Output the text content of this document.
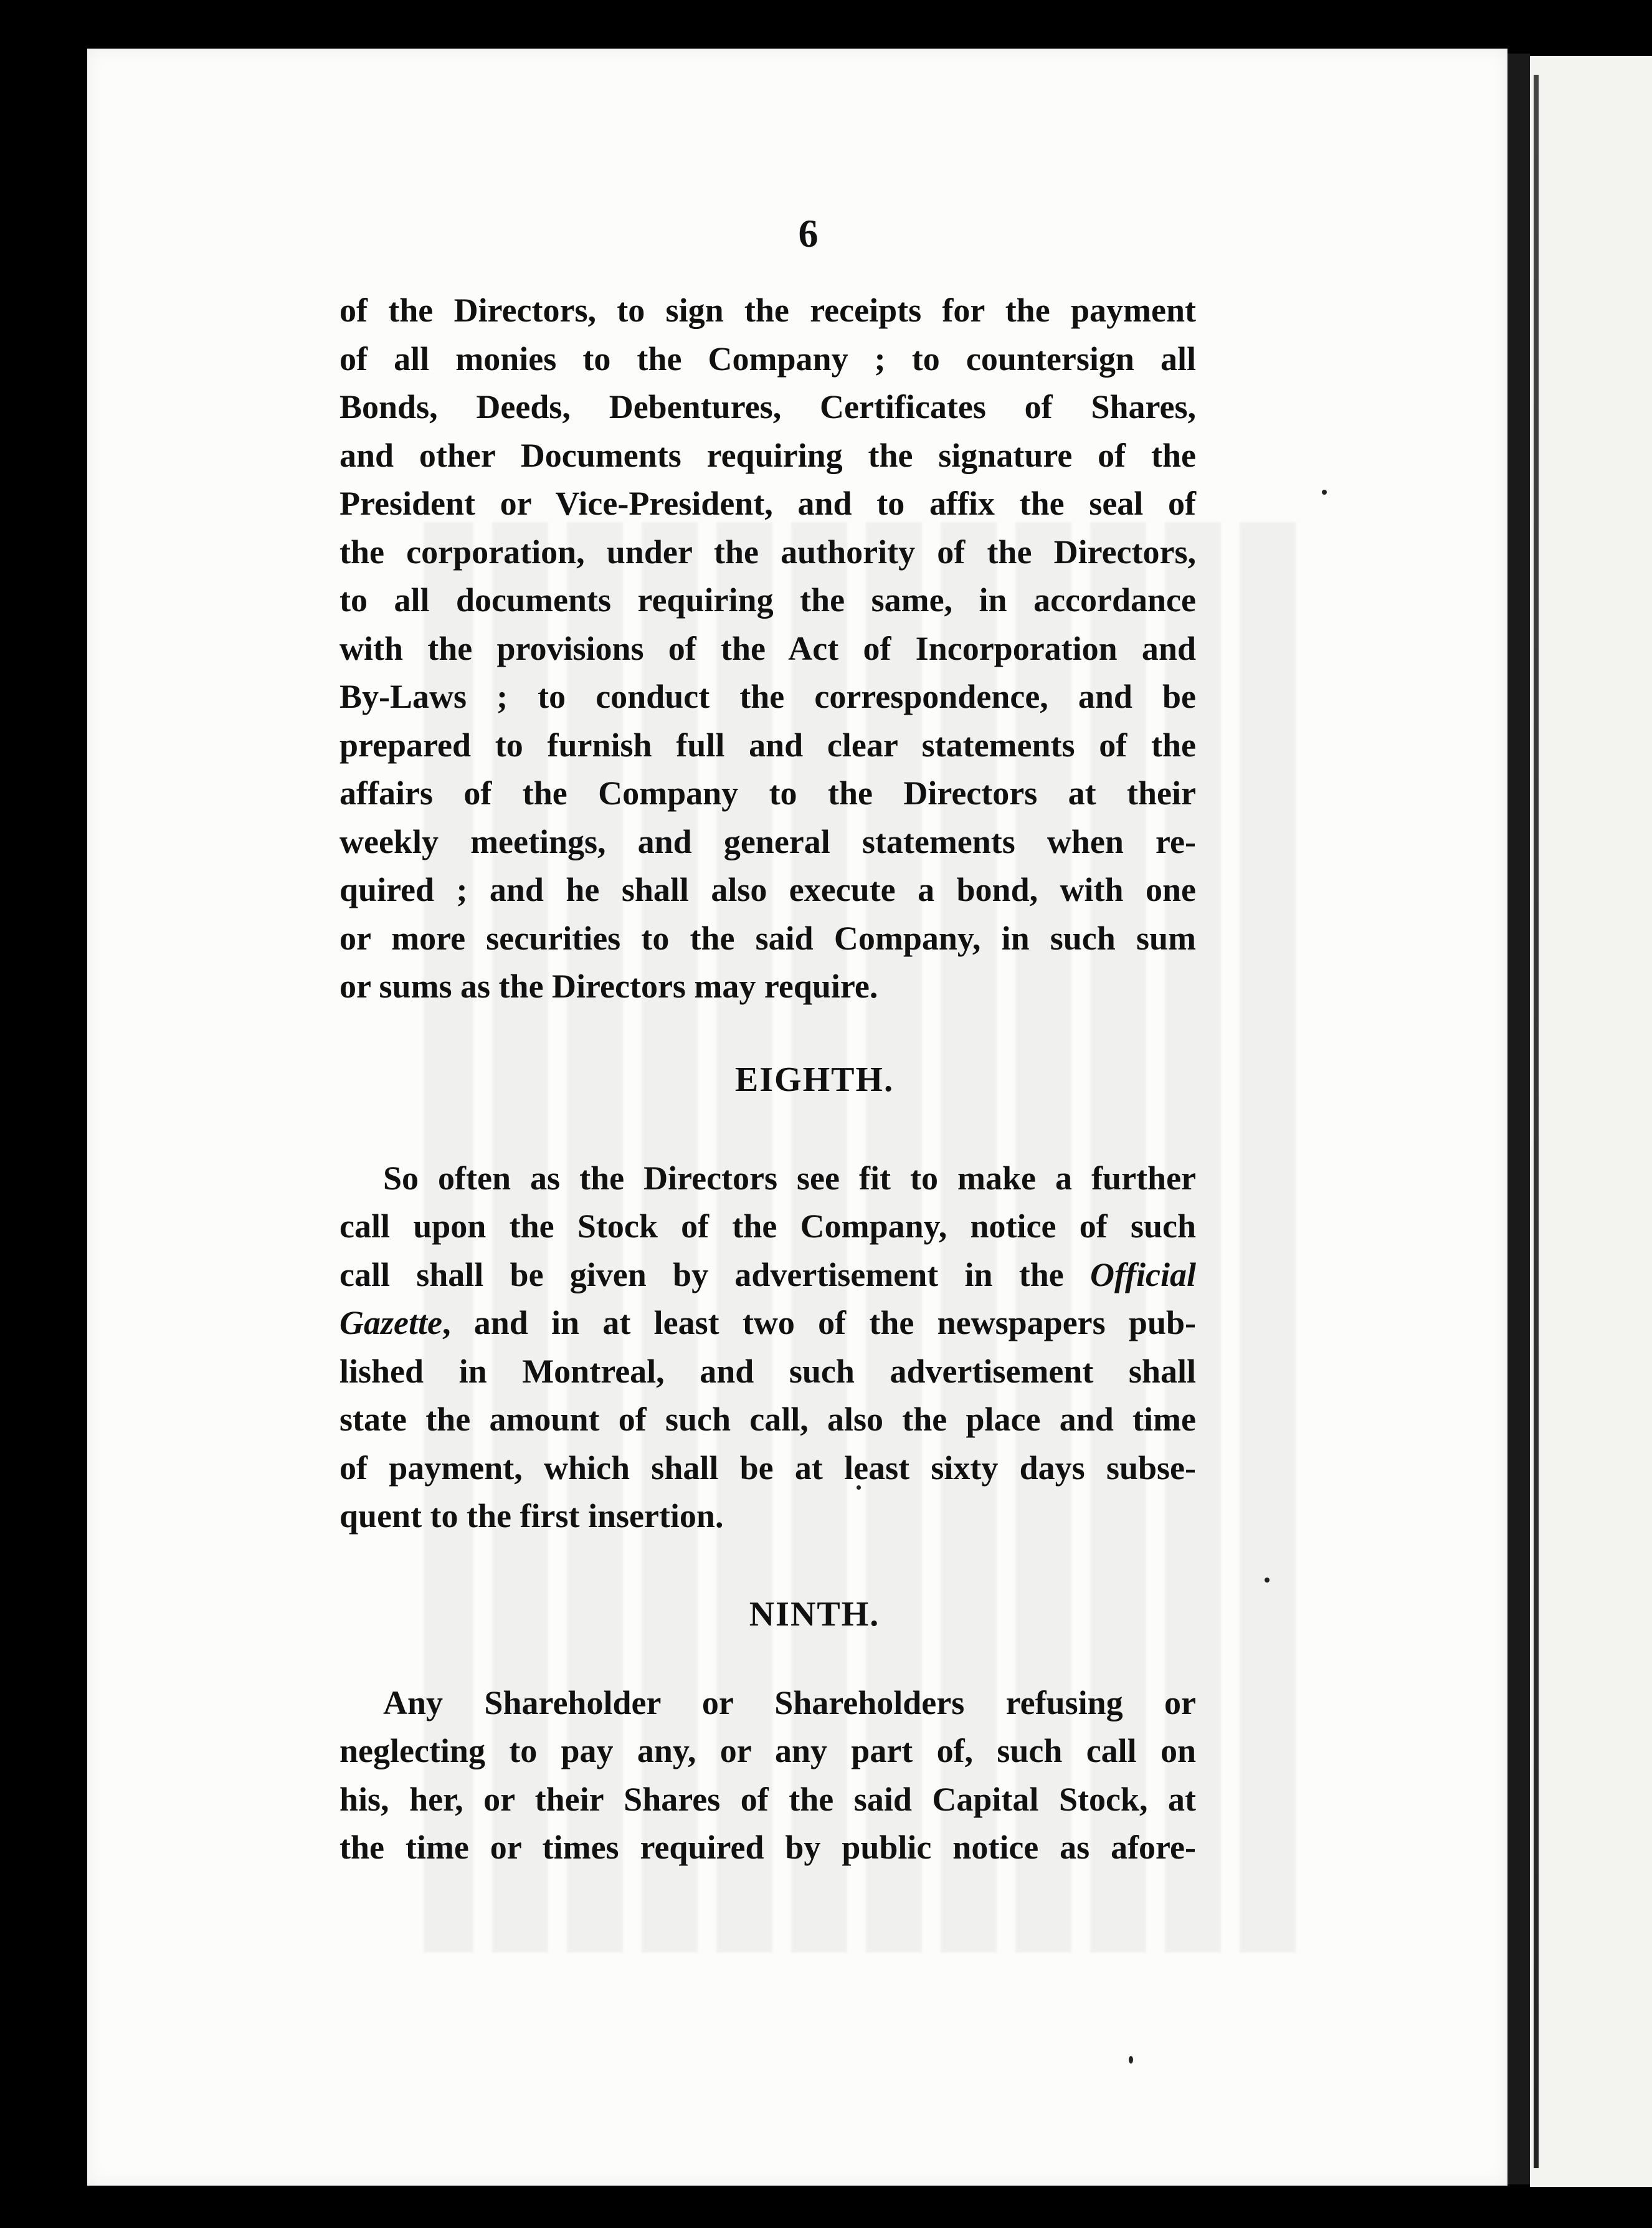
6

of the Directors, to sign the receipts for the payment
of all monies to the Company ; to countersign all
Bonds, Deeds, Debentures, Certificates of Shares,
and other Documents requiring the signature of the
President or Vice-President, and to affix the seal of
the corporation, under the authority of the Directors,
to all documents requiring the same, in accordance
with the provisions of the Act of Incorporation and
By-Laws ; to conduct the correspondence, and be
prepared to furnish full and clear statements of the
affairs of the Company to the Directors at their
weekly meetings, and general statements when re-
quired ; and he shall also execute a bond, with one
or more securities to the said Company, in such sum
or sums as the Directors may require.

EIGHTH.

So often as the Directors see fit to make a further
call upon the Stock of the Company, notice of such
call shall be given by advertisement in the Official
Gazette, and in at least two of the newspapers pub-
lished in Montreal, and such advertisement shall
state the amount of such call, also the place and time
of payment, which shall be at least sixty days subse-
quent to the first insertion.

NINTH.

Any Shareholder or Shareholders refusing or
neglecting to pay any, or any part of, such call on
his, her, or their Shares of the said Capital Stock, at
the time or times required by public notice as afore-
